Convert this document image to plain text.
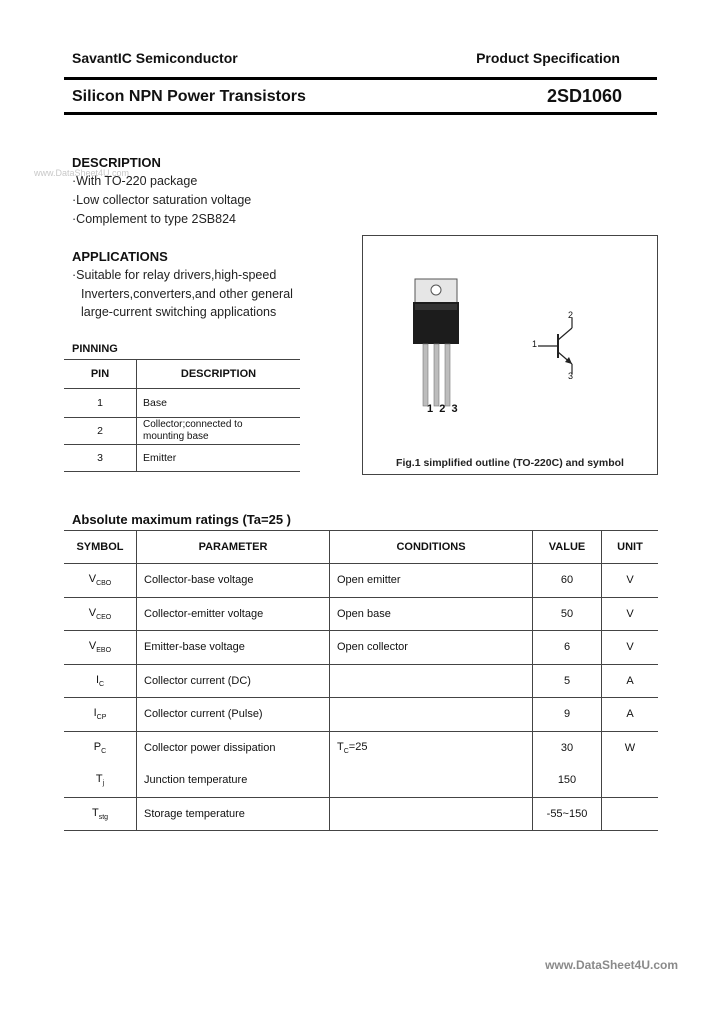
SavantIC Semiconductor	Product Specification
Silicon NPN Power Transistors	2SD1060
www.DataSheet4U.com
DESCRIPTION
·With TO-220 package
·Low collector saturation voltage
·Complement to type 2SB824
APPLICATIONS
·Suitable for relay drivers,high-speed
Inverters,converters,and other general
large-current switching applications
PINNING
PIN	DESCRIPTION
1	Base
2	Collector;connected to
mounting base

3	Emitter
1  2  3
1
2
3
Fig.1 simplified outline (TO-220C) and symbol
Absolute maximum ratings (Ta=25 )
SYMBOL	PARAMETER	CONDITIONS	VALUE	UNIT
$V_{CBO}$	Collector-base voltage	Open emitter	60	V
$V_{CEO}$	Collector-emitter voltage	Open base	50	V
$V_{EBO}$	Emitter-base voltage	Open collector	6	V
$I_C$	Collector current (DC)		5	A
$I_{CP}$	Collector current (Pulse)		9	A
$P_C$	Collector power dissipation	$T_C=25$	30	W
$T_j$	Junction temperature		150	
$T_{stg}$	Storage temperature		-55~150	
www.DataSheet4U.com
